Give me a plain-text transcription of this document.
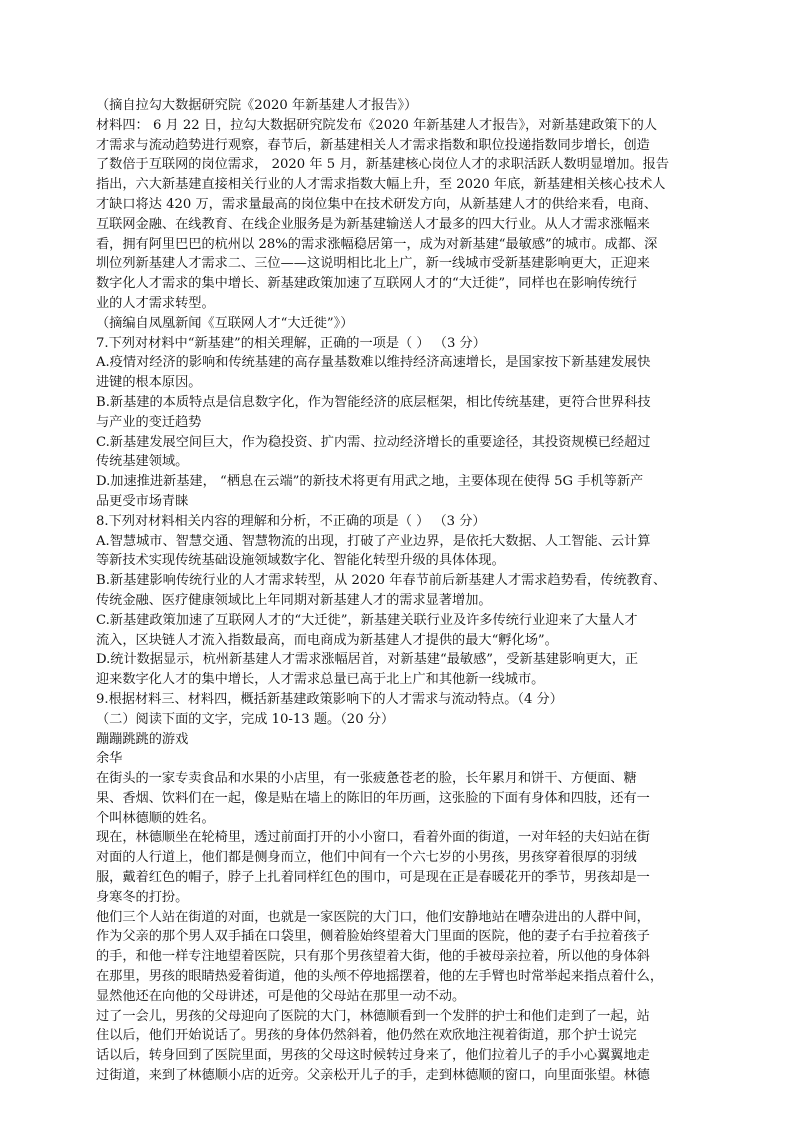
（摘自拉勾大数据研究院《2020 年新基建人才报告》）
材料四： 6 月 22 日，拉勾大数据研究院发布《2020 年新基建人才报告》，对新基建政策下的人
才需求与流动趋势进行观察，春节后，新基建相关人才需求指数和职位投递指数同步增长，创造
了数倍于互联网的岗位需求， 2020 年 5 月，新基建核心岗位人才的求职活跃人数明显增加。报告
指出，六大新基建直接相关行业的人才需求指数大幅上升，至 2020 年底，新基建相关核心技术人
才缺口将达 420 万，需求量最高的岗位集中在技术研发方向，从新基建人才的供给来看，电商、
互联网金融、在线教育、在线企业服务是为新基建输送人才最多的四大行业。从人才需求涨幅来
看，拥有阿里巴巴的杭州以 28%的需求涨幅稳居第一，成为对新基建“最敏感”的城市。成都、深
圳位列新基建人才需求二、三位——这说明相比北上广，新一线城市受新基建影响更大，正迎来
数字化人才需求的集中增长、新基建政策加速了互联网人才的“大迁徙”，同样也在影响传统行
业的人才需求转型。
（摘编自凤凰新闻《互联网人才“大迁徙”》）
7.下列对材料中“新基建”的相关理解，正确的一项是（ ） （3 分）
A.疫情对经济的影响和传统基建的高存量基数难以维持经济高速增长，是国家按下新基建发展快
进键的根本原因。
B.新基建的本质特点是信息数字化，作为智能经济的底层框架，相比传统基建，更符合世界科技
与产业的变迁趋势
C.新基建发展空间巨大，作为稳投资、扩内需、拉动经济增长的重要途径，其投资规模已经超过
传统基建领域。
D.加速推进新基建， “栖息在云端”的新技术将更有用武之地，主要体现在使得 5G 手机等新产
品更受市场青睐
8.下列对材料相关内容的理解和分析，不正确的项是（ ） （3 分）
A.智慧城市、智慧交通、智慧物流的出现，打破了产业边界，是依托大数据、人工智能、云计算
等新技术实现传统基础设施领域数字化、智能化转型升级的具体体现。
B.新基建影响传统行业的人才需求转型，从 2020 年春节前后新基建人才需求趋势看，传统教育、
传统金融、医疗健康领域比上年同期对新基建人才的需求显著增加。
C.新基建政策加速了互联网人才的“大迁徙”，新基建关联行业及许多传统行业迎来了大量人才
流入，区块链人才流入指数最高，而电商成为新基建人才提供的最大“孵化场”。
D.统计数据显示，杭州新基建人才需求涨幅居首，对新基建“最敏感”，受新基建影响更大，正
迎来数字化人才的集中增长，人才需求总量已高于北上广和其他新一线城市。
9.根据材料三、材料四，概括新基建政策影响下的人才需求与流动特点。（4 分）
（二）阅读下面的文字，完成 10-13 题。（20 分）
蹦蹦跳跳的游戏
余华
在街头的一家专卖食品和水果的小店里，有一张疲惫苍老的脸，长年累月和饼干、方便面、糖
果、香烟、饮料们在一起，像是贴在墙上的陈旧的年历画，这张脸的下面有身体和四肢，还有一
个叫林德顺的姓名。
现在，林德顺坐在轮椅里，透过前面打开的小小窗口，看着外面的街道，一对年轻的夫妇站在街
对面的人行道上，他们都是侧身而立，他们中间有一个六七岁的小男孩，男孩穿着很厚的羽绒
服，戴着红色的帽子，脖子上扎着同样红色的围巾，可是现在正是春暖花开的季节，男孩却是一
身寒冬的打扮。
他们三个人站在街道的对面，也就是一家医院的大门口，他们安静地站在嘈杂进出的人群中间，
作为父亲的那个男人双手插在口袋里，侧着脸始终望着大门里面的医院，他的妻子右手拉着孩子
的手，和他一样专注地望着医院，只有那个男孩望着大街，他的手被母亲拉着，所以他的身体斜
在那里，男孩的眼睛热爱着街道，他的头颅不停地摇摆着，他的左手臂也时常举起来指点着什么，
显然他还在向他的父母讲述，可是他的父母站在那里一动不动。
过了一会儿，男孩的父母迎向了医院的大门，林德顺看到一个发胖的护士和他们走到了一起，站
住以后，他们开始说话了。男孩的身体仍然斜着，他仍然在欢欣地注视着街道，那个护士说完
话以后，转身回到了医院里面，男孩的父母这时候转过身来了，他们拉着儿子的手小心翼翼地走
过街道，来到了林德顺小店的近旁。父亲松开儿子的手，走到林德顺的窗口，向里面张望。林德
